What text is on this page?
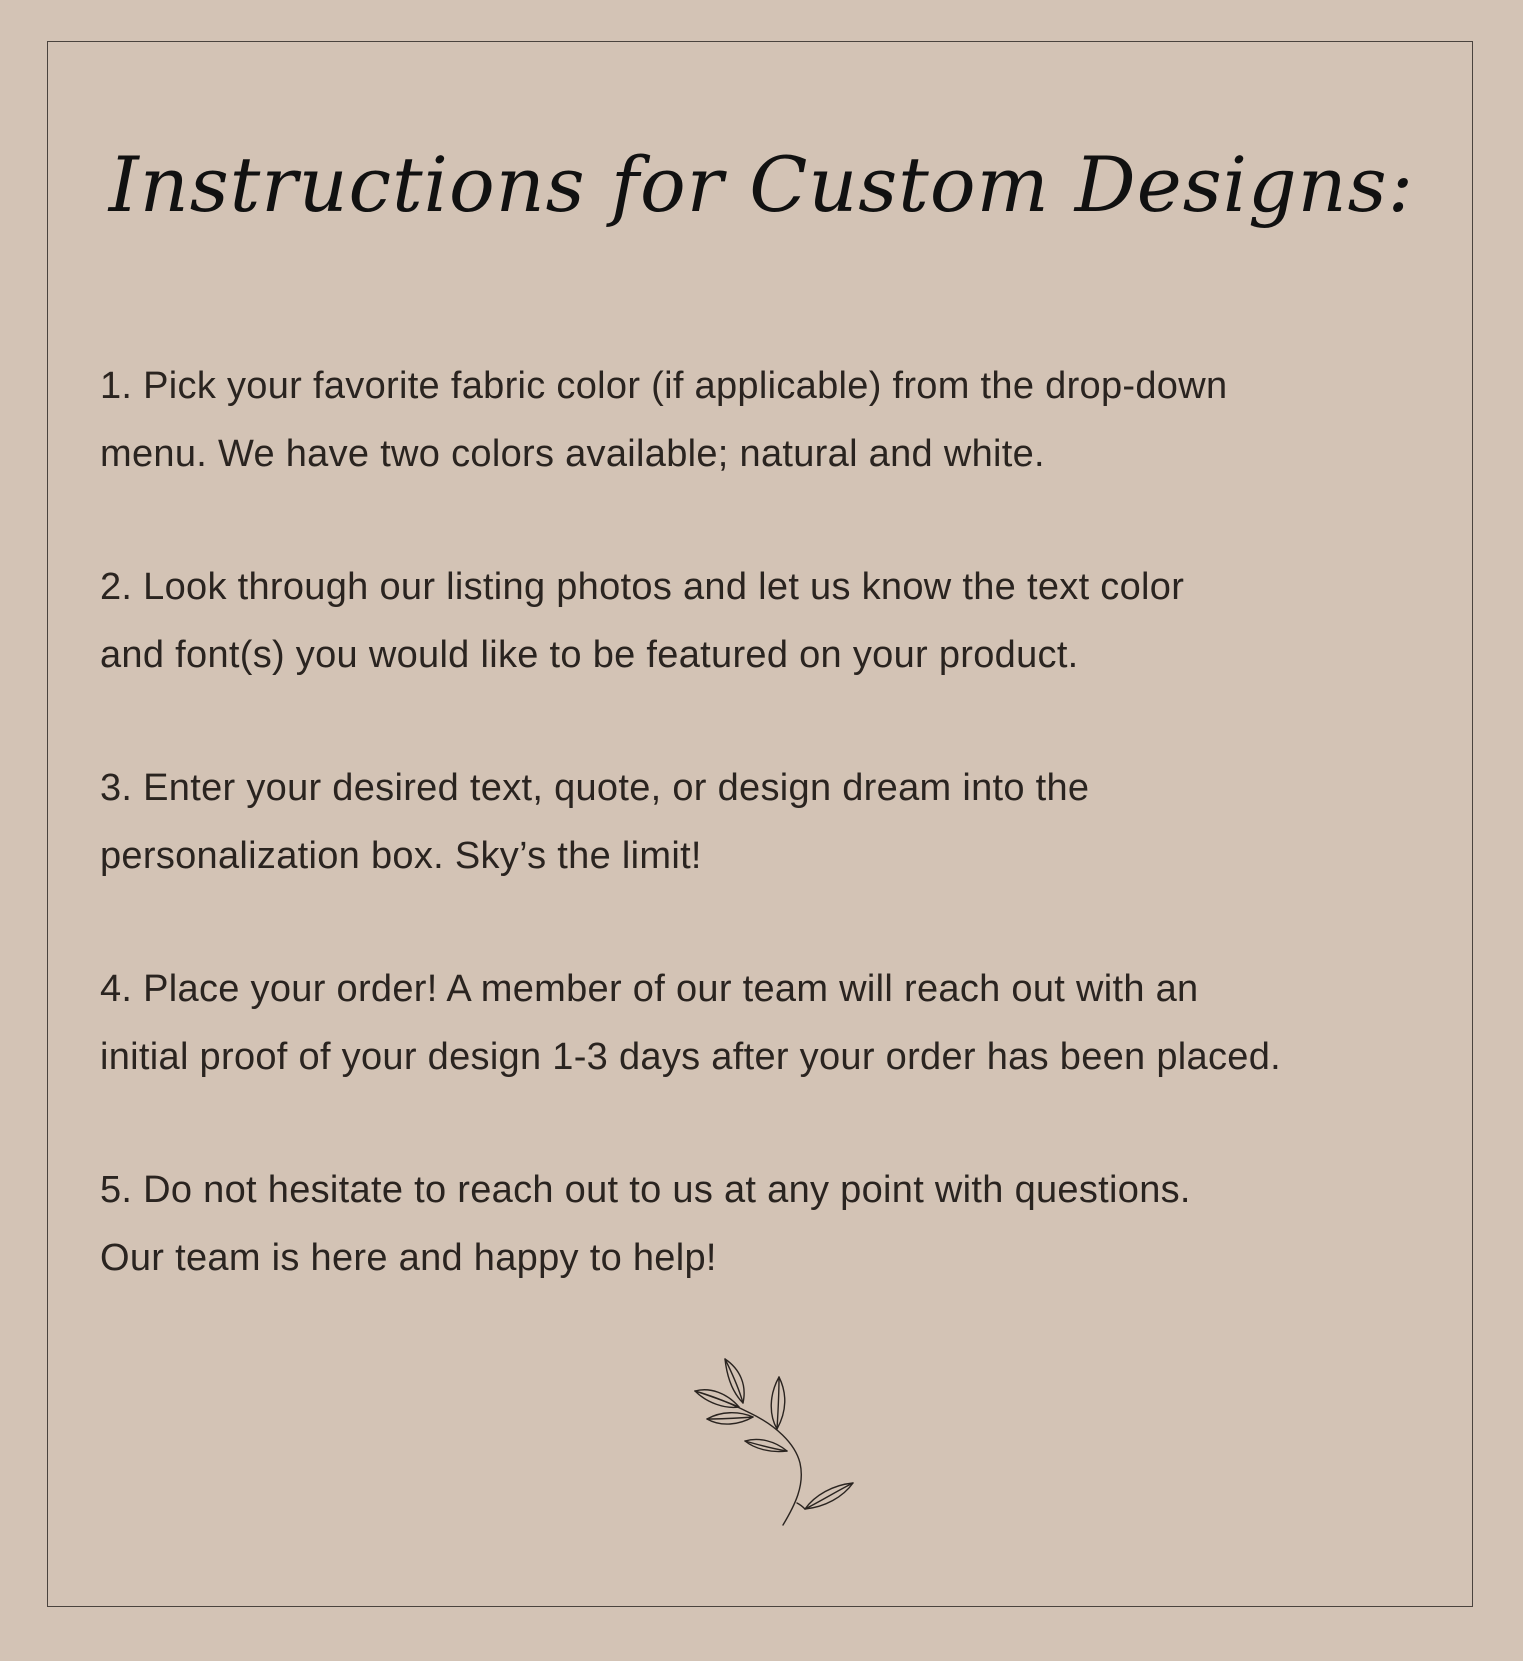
Instructions for Custom Designs:
1. Pick your favorite fabric color (if applicable) from the drop-down
menu. We have two colors available; natural and white.
2. Look through our listing photos and let us know the text color
and font(s) you would like to be featured on your product.
3. Enter your desired text, quote, or design dream into the
personalization box. Sky’s the limit!
4. Place your order! A member of our team will reach out with an
initial proof of your design 1-3 days after your order has been placed.
5. Do not hesitate to reach out to us at any point with questions.
Our team is here and happy to help!
